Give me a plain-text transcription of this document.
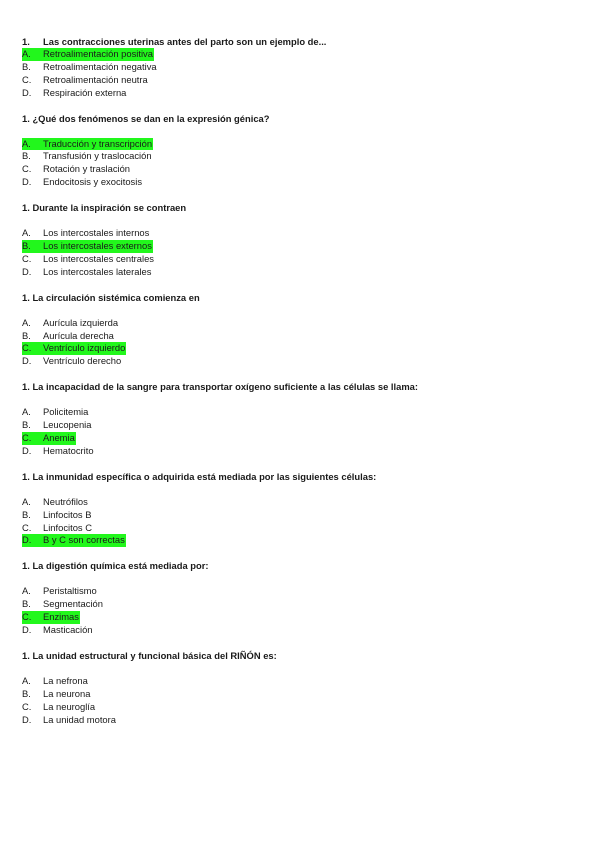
1. Las contracciones uterinas antes del parto son un ejemplo de...
A. Retroalimentación positiva
B. Retroalimentación negativa
C. Retroalimentación neutra
D. Respiración externa
1. ¿Qué dos fenómenos se dan en la expresión génica?
A. Traducción y transcripción
B. Transfusión y traslocación
C. Rotación y traslación
D. Endocitosis y exocitosis
1. Durante la inspiración se contraen
A. Los intercostales internos
B. Los intercostales externos
C. Los intercostales centrales
D. Los intercostales laterales
1. La circulación sistémica comienza en
A. Aurícula izquierda
B. Aurícula derecha
C. Ventrículo izquierdo
D. Ventrículo derecho
1. La incapacidad de la sangre para transportar oxígeno suficiente a las células se llama:
A. Policitemia
B. Leucopenia
C. Anemia
D. Hematocrito
1. La inmunidad específica o adquirida está mediada por las siguientes células:
A. Neutrófilos
B. Linfocitos B
C. Linfocitos C
D. B y C son correctas
1. La digestión química está mediada por:
A. Peristaltismo
B. Segmentación
C. Enzimas
D. Masticación
1. La unidad estructural y funcional básica del RIÑÓN es:
A. La nefrona
B. La neurona
C. La neuroglía
D. La unidad motora
